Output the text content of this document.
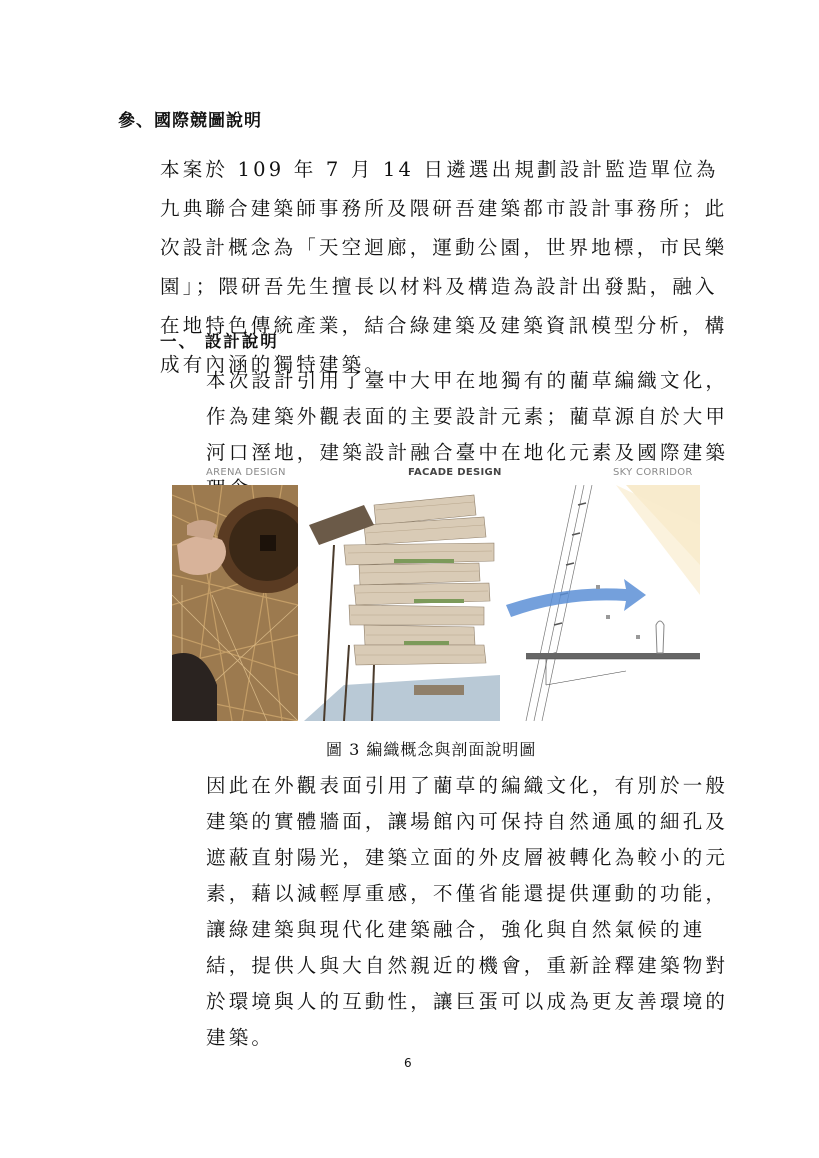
參、國際競圖說明

本案於 109 年 7 月 14 日遴選出規劃設計監造單位為九典聯合建築師事務所及隈研吾建築都市設計事務所；此次設計概念為「天空迴廊，運動公園，世界地標，市民樂園」；隈研吾先生擅長以材料及構造為設計出發點，融入在地特色傳統產業，結合綠建築及建築資訊模型分析，構成有內涵的獨特建築。

一、 設計說明

本次設計引用了臺中大甲在地獨有的藺草編織文化，作為建築外觀表面的主要設計元素；藺草源自於大甲河口溼地，建築設計融合臺中在地化元素及國際建築

ARENA DESIGN	FACADE DESIGN	SKY CORRIDOR
圖 3 編織概念與剖面說明圖

因此在外觀表面引用了藺草的編織文化，有別於一般建築的實體牆面，讓場館內可保持自然通風的細孔及遮蔽直射陽光，建築立面的外皮層被轉化為較小的元素，藉以減輕厚重感，不僅省能還提供運動的功能，讓綠建築與現代化建築融合，強化與自然氣候的連結，提供人與大自然親近的機會，重新詮釋建築物對於環境與人的互動性，讓巨蛋可以成為更友善環境的建築。

6
